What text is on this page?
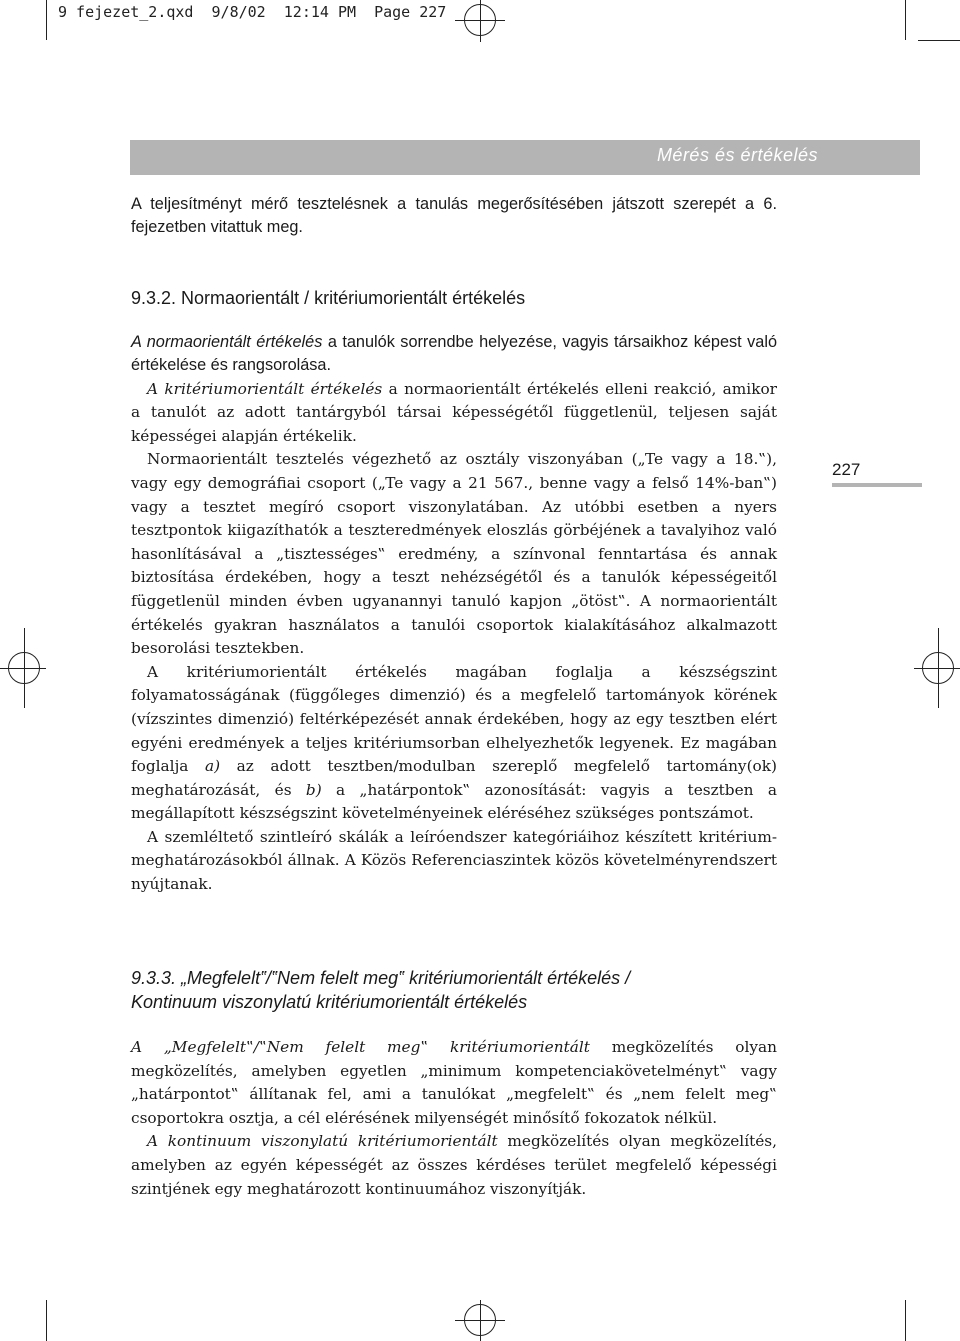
9 fejezet_2.qxd  9/8/02  12:14 PM  Page 227
Mérés és értékelés
227

A teljesítményt mérő tesztelésnek a tanulás megerősítésében játszott szerepét a 6. fejezetben vitattuk meg.

9.3.2. Normaorientált / kritériumorientált értékelés

A normaorientált értékelés a tanulók sorrendbe helyezése, vagyis társaikhoz képest való értékelése és rangsorolása.

A kritériumorientált értékelés a normaorientált értékelés elleni reakció, amikor a tanulót az adott tantárgyból társai képességétől függetlenül, teljesen saját képességei alapján értékelik.

Normaorientált tesztelés végezhető az osztály viszonyában („Te vagy a 18.‟), vagy egy demográfiai csoport („Te vagy a 21 567., benne vagy a felső 14%-ban‟) vagy a tesztet megíró csoport viszonylatában. Az utóbbi esetben a nyers tesztpontok kiigazíthatók a teszteredmények eloszlás görbéjének a tavalyihoz való hasonlításával a „tisztességes‟ eredmény, a színvonal fenntartása és annak biztosítása érdekében, hogy a teszt nehézségétől és a tanulók képességeitől függetlenül minden évben ugyanannyi tanuló kapjon „ötöst‟. A normaorientált értékelés gyakran használatos a tanulói csoportok kialakításához alkalmazott besorolási tesztekben.

A kritériumorientált értékelés magában foglalja a készségszint folyamatosságának (függőleges dimenzió) és a megfelelő tartományok körének (vízszintes dimenzió) feltérképezését annak érdekében, hogy az egy tesztben elért egyéni eredmények a teljes kritériumsorban elhelyezhetők legyenek. Ez magában foglalja a) az adott tesztben/modulban szereplő megfelelő tartomány(ok) meghatározását, és b) a „határpontok‟ azonosítását: vagyis a tesztben a megállapított készségszint követelményeinek eléréséhez szükséges pontszámot.

A szemléltető szintleíró skálák a leíróendszer kategóriáihoz készített kritérium-meghatározásokból állnak. A Közös Referenciaszintek közös követelményrendszert nyújtanak.

9.3.3. „Megfelelt‟/‟Nem felelt meg‟ kritériumorientált értékelés /
Kontinuum viszonylatú kritériumorientált értékelés

A „Megfelelt‟/‟Nem felelt meg‟ kritériumorientált megközelítés olyan megközelítés, amelyben egyetlen „minimum kompetenciakövetelményt‟ vagy „határpontot‟ állítanak fel, ami a tanulókat „megfelelt‟ és „nem felelt meg‟ csoportokra osztja, a cél elérésének milyenségét minősítő fokozatok nélkül.

A kontinuum viszonylatú kritériumorientált megközelítés olyan megközelítés, amelyben az egyén képességét az összes kérdéses terület megfelelő képességi szintjének egy meghatározott kontinuumához viszonyítják.
